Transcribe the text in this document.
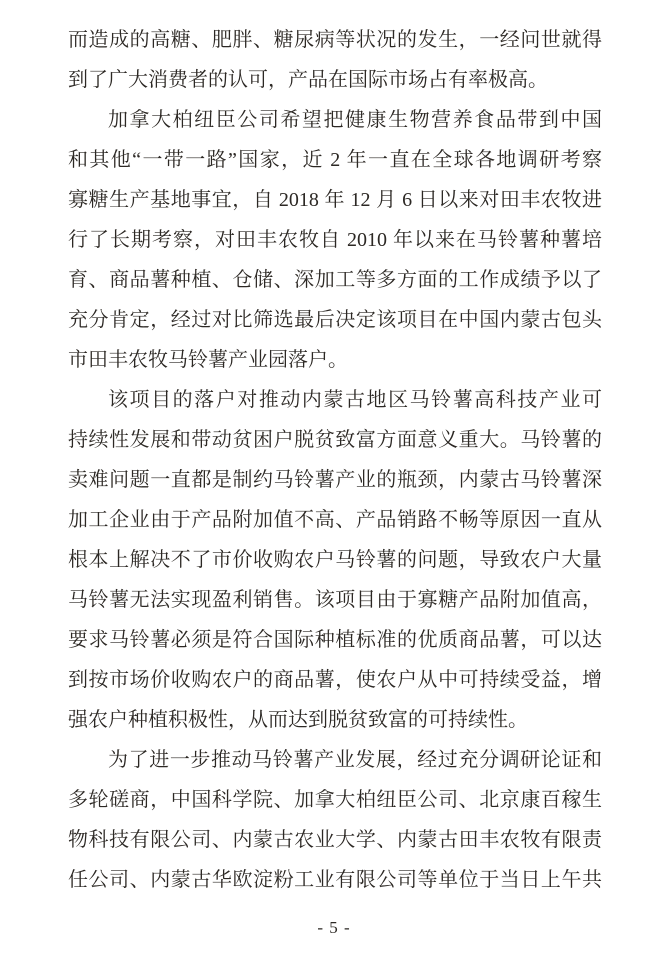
而造成的高糖、肥胖、糖尿病等状况的发生，一经问世就得
到了广大消费者的认可，产品在国际市场占有率极高。
加拿大柏纽臣公司希望把健康生物营养食品带到中国
和其他“一带一路”国家，近 2 年一直在全球各地调研考察
寡糖生产基地事宜，自 2018 年 12 月 6 日以来对田丰农牧进
行了长期考察，对田丰农牧自 2010 年以来在马铃薯种薯培
育、商品薯种植、仓储、深加工等多方面的工作成绩予以了
充分肯定，经过对比筛选最后决定该项目在中国内蒙古包头
市田丰农牧马铃薯产业园落户。
该项目的落户对推动内蒙古地区马铃薯高科技产业可
持续性发展和带动贫困户脱贫致富方面意义重大。马铃薯的
卖难问题一直都是制约马铃薯产业的瓶颈，内蒙古马铃薯深
加工企业由于产品附加值不高、产品销路不畅等原因一直从
根本上解决不了市价收购农户马铃薯的问题，导致农户大量
马铃薯无法实现盈利销售。该项目由于寡糖产品附加值高，
要求马铃薯必须是符合国际种植标准的优质商品薯，可以达
到按市场价收购农户的商品薯，使农户从中可持续受益，增
强农户种植积极性，从而达到脱贫致富的可持续性。
为了进一步推动马铃薯产业发展，经过充分调研论证和
多轮磋商，中国科学院、加拿大柏纽臣公司、北京康百稼生
物科技有限公司、内蒙古农业大学、内蒙古田丰农牧有限责
任公司、内蒙古华欧淀粉工业有限公司等单位于当日上午共
- 5 -
